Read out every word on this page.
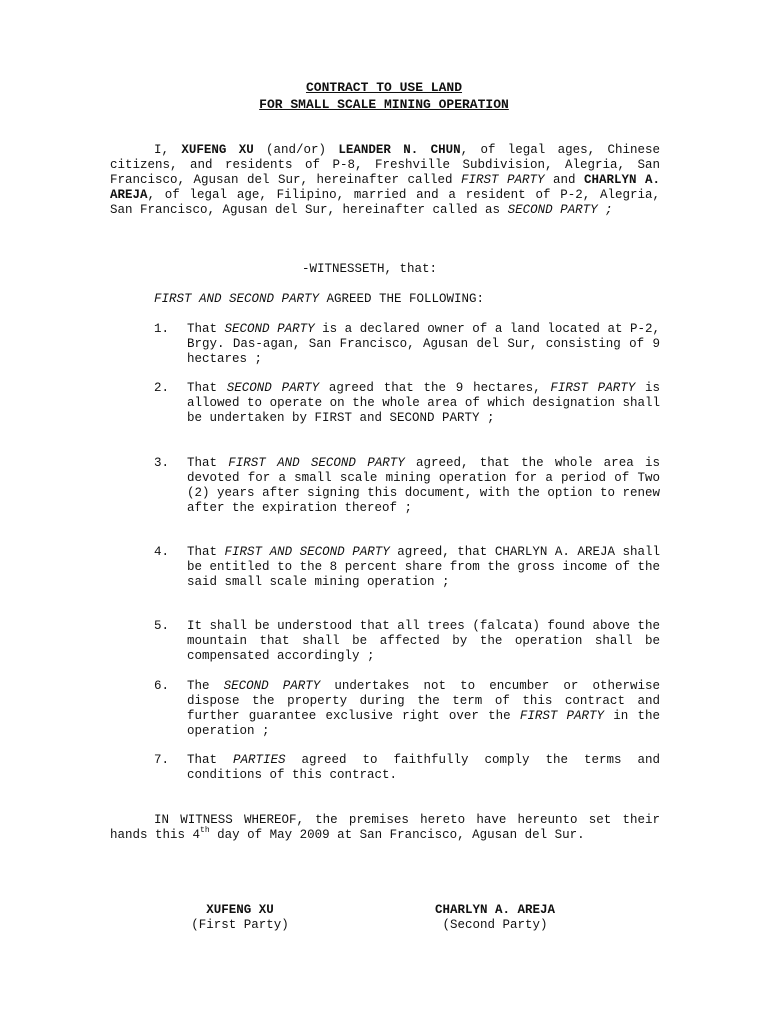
CONTRACT TO USE LAND
FOR SMALL SCALE MINING OPERATION
I, XUFENG XU (and/or) LEANDER N. CHUN, of legal ages, Chinese citizens, and residents of P-8, Freshville Subdivision, Alegria, San Francisco, Agusan del Sur, hereinafter called FIRST PARTY and CHARLYN A. AREJA, of legal age, Filipino, married and a resident of P-2, Alegria, San Francisco, Agusan del Sur, hereinafter called as SECOND PARTY ;
-WITNESSETH, that:
FIRST AND SECOND PARTY AGREED THE FOLLOWING:
1.	That SECOND PARTY is a declared owner of a land located at P-2, Brgy. Das-agan, San Francisco, Agusan del Sur, consisting of 9 hectares ;
2.	That SECOND PARTY agreed that the 9 hectares, FIRST PARTY is allowed to operate on the whole area of which designation shall be undertaken by FIRST and SECOND PARTY ;
3.	That FIRST AND SECOND PARTY agreed, that the whole area is devoted for a small scale mining operation for a period of Two (2) years after signing this document, with the option to renew after the expiration thereof ;
4.	That FIRST AND SECOND PARTY agreed, that CHARLYN A. AREJA shall be entitled to the 8 percent share from the gross income of the said small scale mining operation ;
5.	It shall be understood that all trees (falcata) found above the mountain that shall be affected by the operation shall be compensated accordingly ;
6.	The SECOND PARTY undertakes not to encumber or otherwise dispose the property during the term of this contract and further guarantee exclusive right over the FIRST PARTY in the operation ;
7.	That PARTIES agreed to faithfully comply the terms and conditions of this contract.
IN WITNESS WHEREOF, the premises hereto have hereunto set their hands this 4th day of May 2009 at San Francisco, Agusan del Sur.
XUFENG XU
(First Party)
CHARLYN A. AREJA
(Second Party)
